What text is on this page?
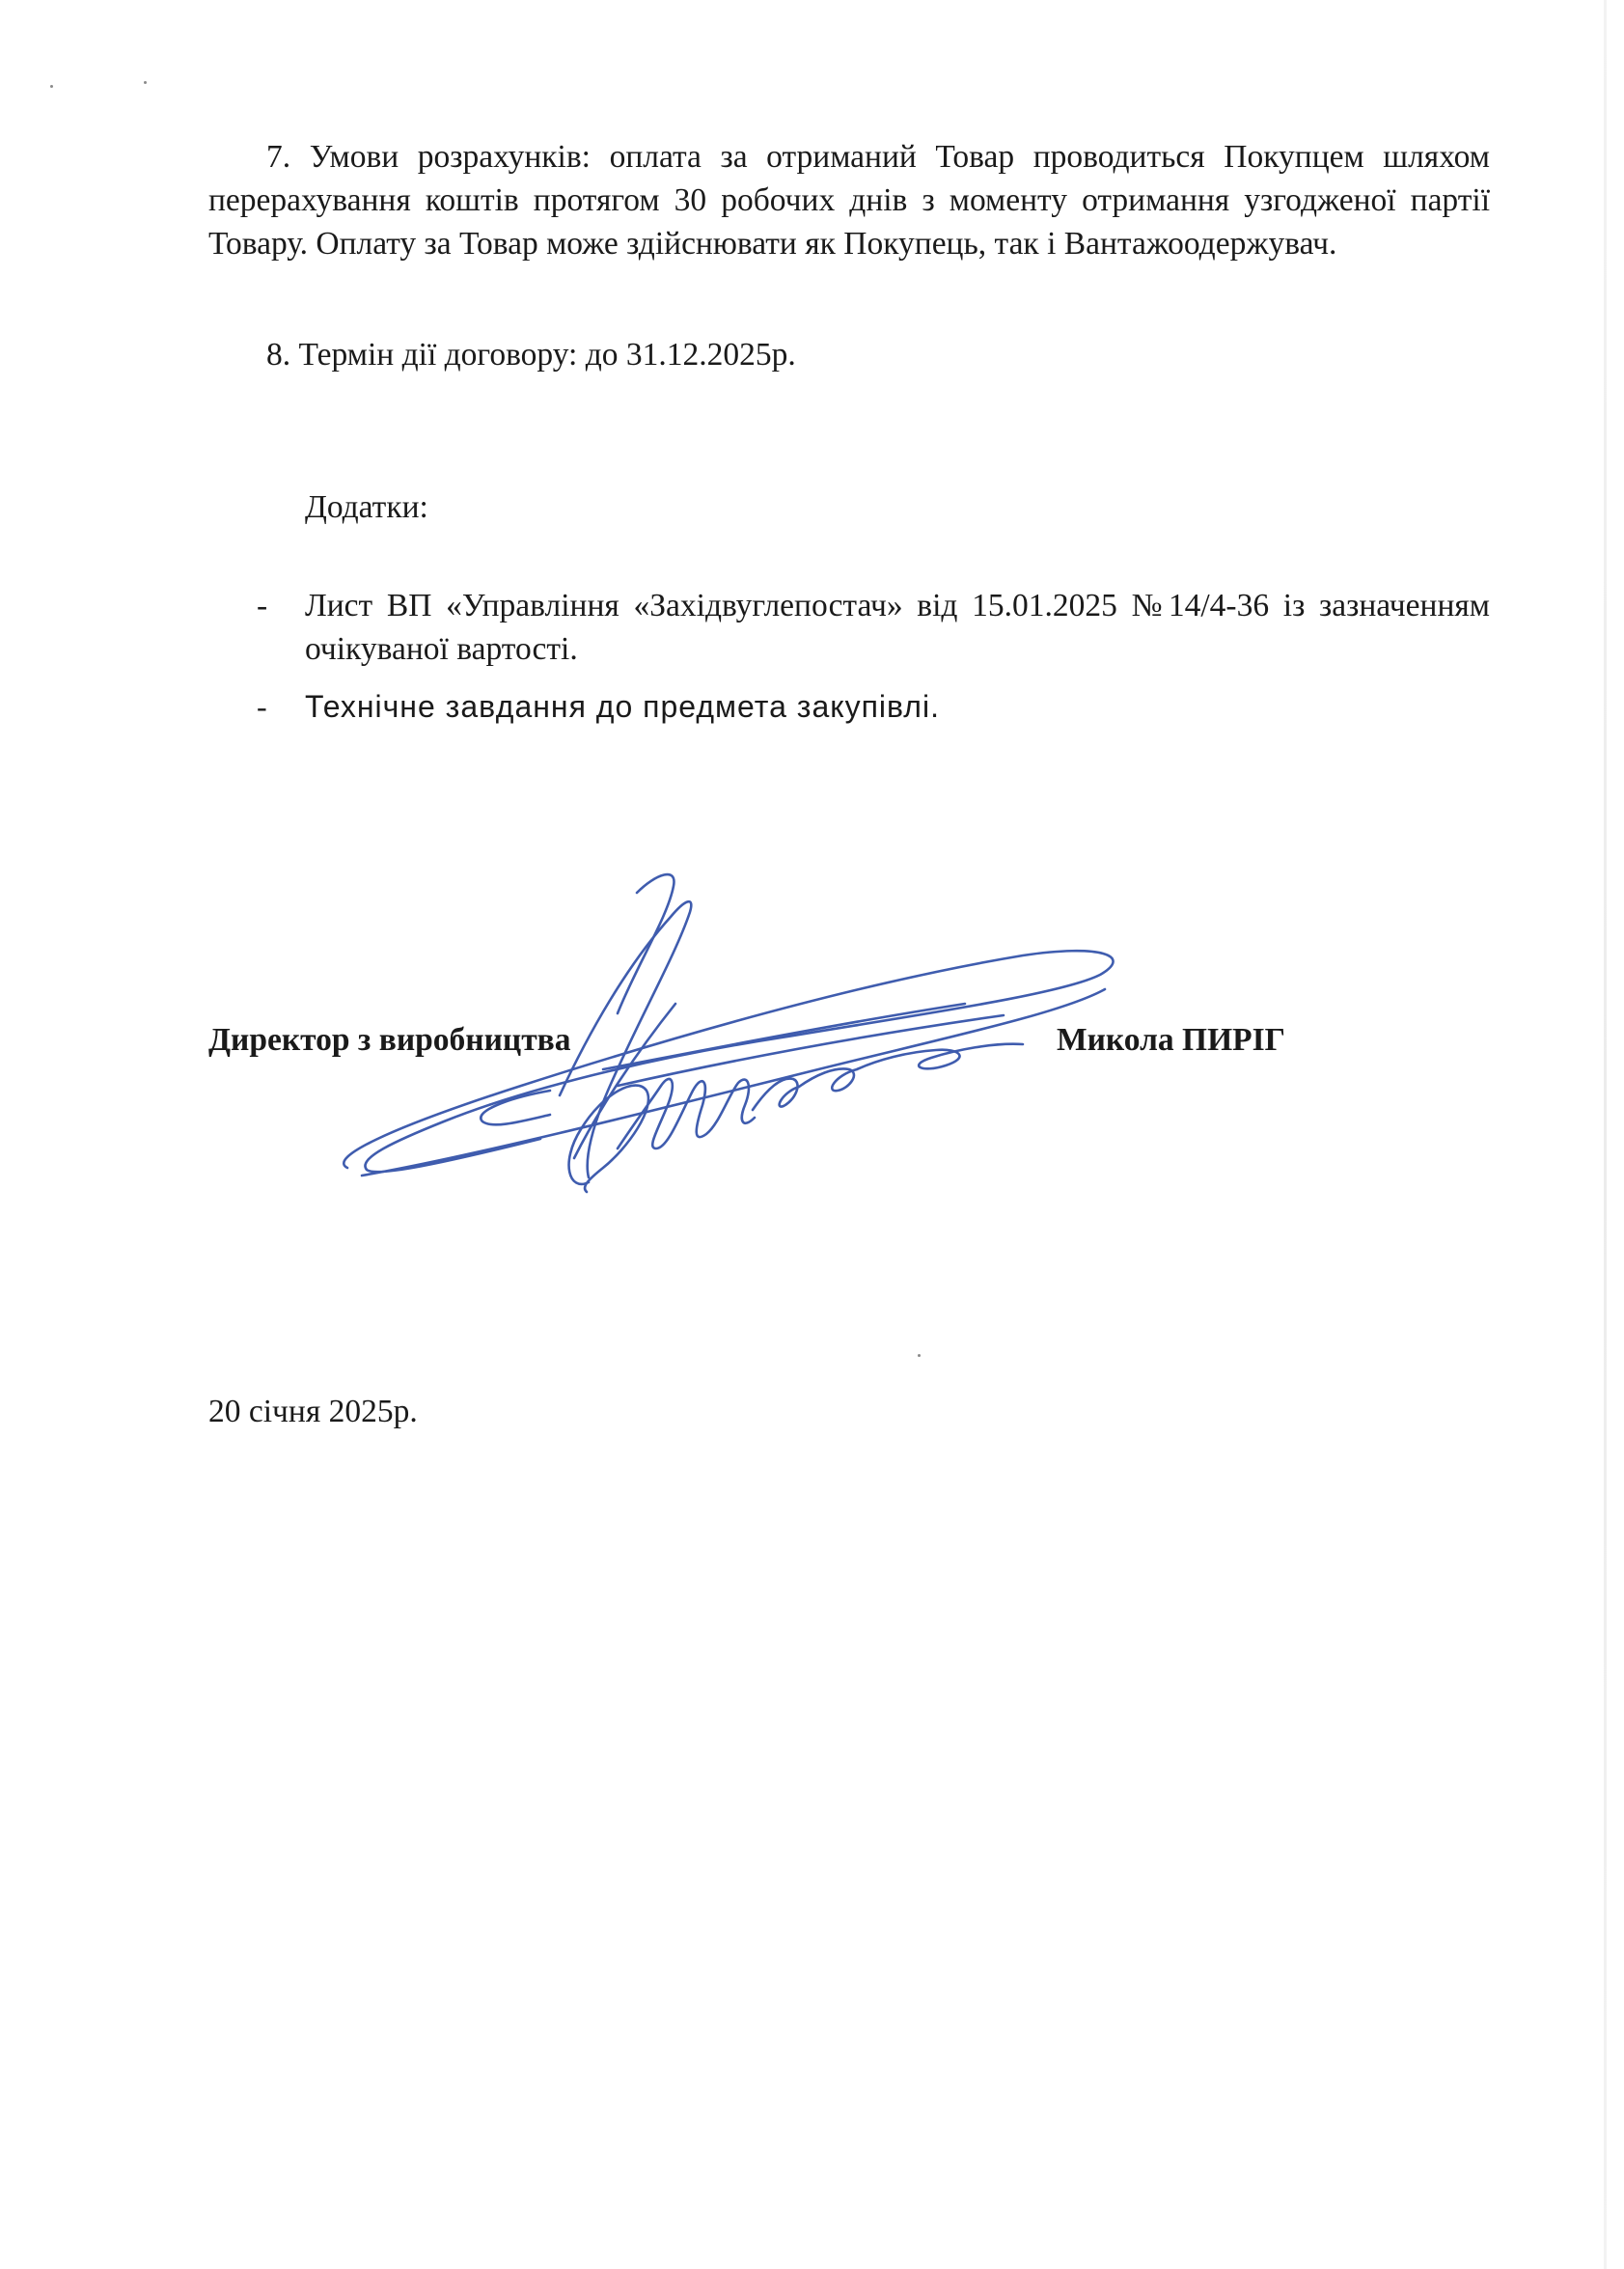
7. Умови розрахунків: оплата за отриманий Товар проводиться Покупцем шляхом перерахування коштів протягом 30 робочих днів з моменту отримання узгодженої партії Товару. Оплату за Товар може здійснювати як Покупець, так і Вантажоодержувач.

8. Термін дії договору: до 31.12.2025р.

Додатки:

- Лист ВП «Управління «Західвуглепостач» від 15.01.2025 №14/4-36 із зазначенням очікуваної вартості.
- Технічне завдання до предмета закупівлі.
Директор з виробництва	Микола ПИРІГ
20 січня 2025р.
